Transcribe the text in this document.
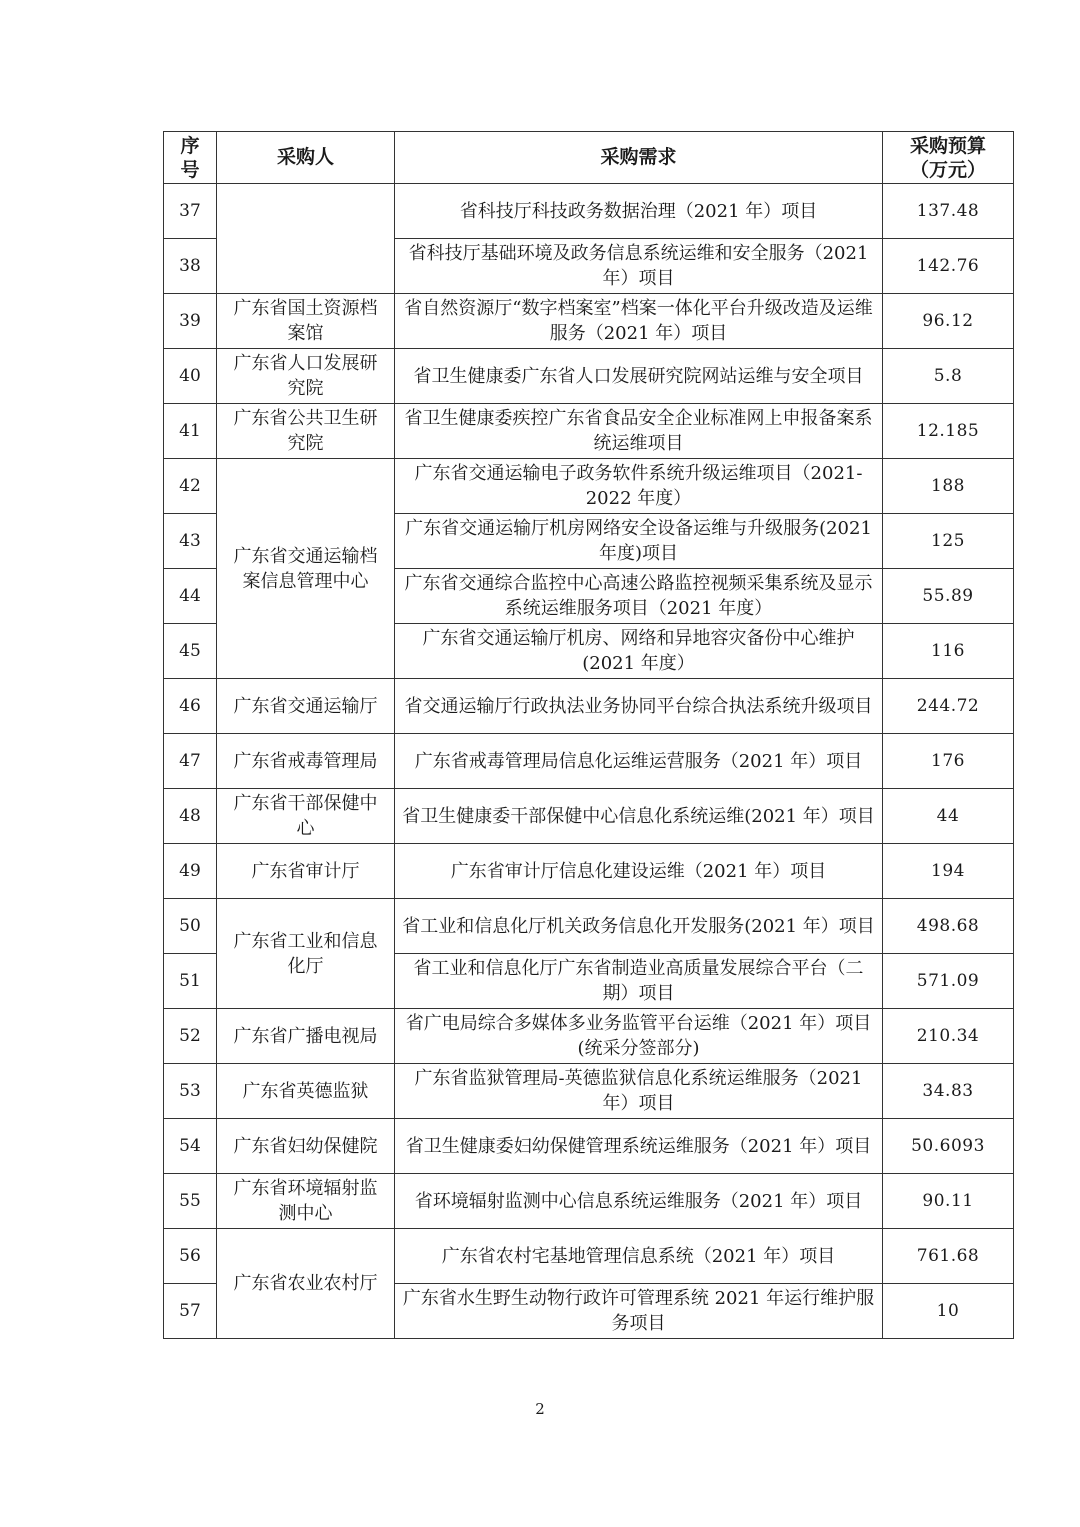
序号	采购人	采购需求	采购预算
（万元）
37		省科技厅科技政务数据治理（2021 年）项目	137.48
38		省科技厅基础环境及政务信息系统运维和安全服务（2021 年）项目	142.76
39	广东省国土资源档案馆	省自然资源厅“数字档案室”档案一体化平台升级改造及运维服务（2021 年）项目	96.12
40	广东省人口发展研究院	省卫生健康委广东省人口发展研究院网站运维与安全项目	5.8
41	广东省公共卫生研究院	省卫生健康委疾控广东省食品安全企业标准网上申报备案系统运维项目	12.185
42	广东省交通运输档案信息管理中心	广东省交通运输电子政务软件系统升级运维项目（2021-2022 年度）	188
43		广东省交通运输厅机房网络安全设备运维与升级服务(2021 年度)项目	125
44		广东省交通综合监控中心高速公路监控视频采集系统及显示系统运维服务项目（2021 年度）	55.89
45		广东省交通运输厅机房、网络和异地容灾备份中心维护(2021 年度）	116
46	广东省交通运输厅	省交通运输厅行政执法业务协同平台综合执法系统升级项目	244.72
47	广东省戒毒管理局	广东省戒毒管理局信息化运维运营服务（2021 年）项目	176
48	广东省干部保健中心	省卫生健康委干部保健中心信息化系统运维(2021 年）项目	44
49	广东省审计厅	广东省审计厅信息化建设运维（2021 年）项目	194
50	广东省工业和信息化厅	省工业和信息化厅机关政务信息化开发服务(2021 年）项目	498.68
51		省工业和信息化厅广东省制造业高质量发展综合平台（二期）项目	571.09
52	广东省广播电视局	省广电局综合多媒体多业务监管平台运维（2021 年）项目(统采分签部分)	210.34
53	广东省英德监狱	广东省监狱管理局-英德监狱信息化系统运维服务（2021 年）项目	34.83
54	广东省妇幼保健院	省卫生健康委妇幼保健管理系统运维服务（2021 年）项目	50.6093
55	广东省环境辐射监测中心	省环境辐射监测中心信息系统运维服务（2021 年）项目	90.11
56	广东省农业农村厅	广东省农村宅基地管理信息系统（2021 年）项目	761.68
57		广东省水生野生动物行政许可管理系统 2021 年运行维护服务项目	10
2
